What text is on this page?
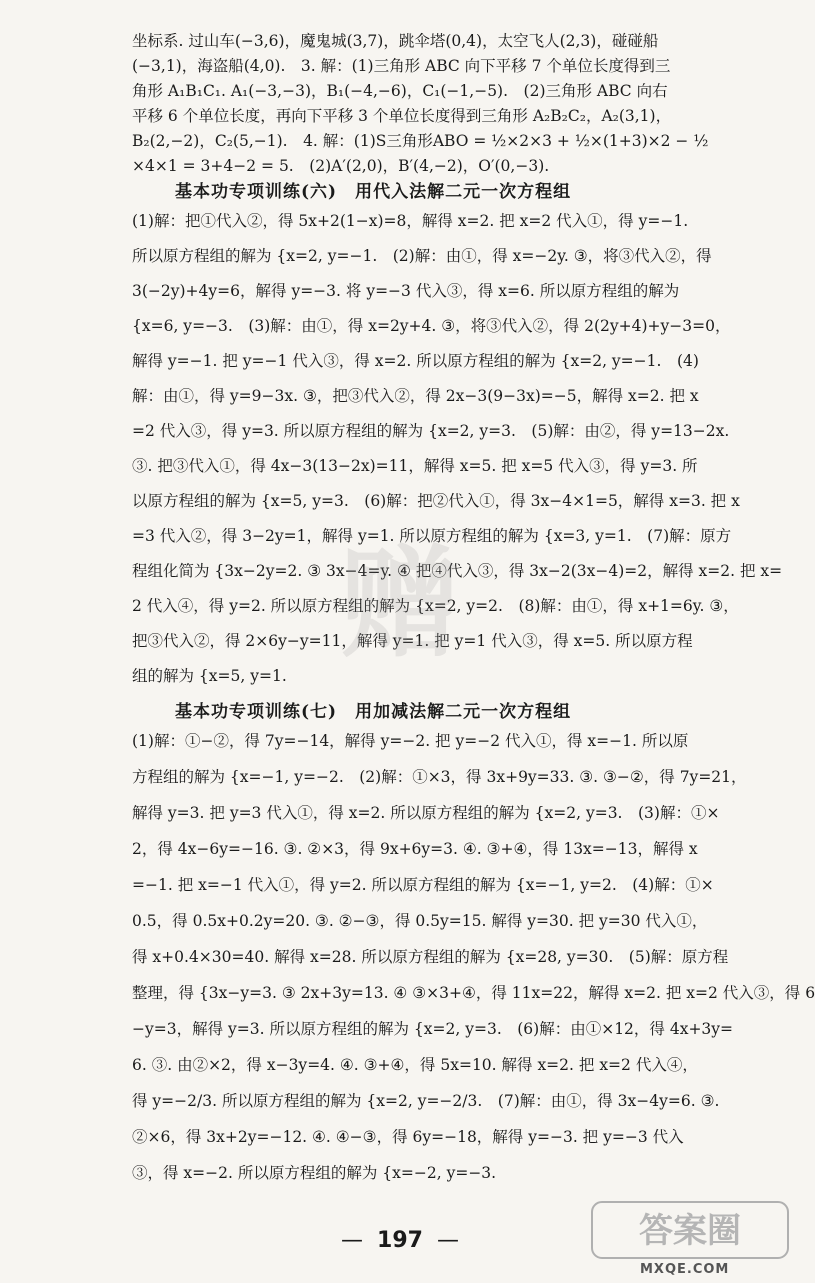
坐标系. 过山车(−3,6)，魔鬼城(3,7)，跳伞塔(0,4)，太空飞人(2,3)，碰碰船
(−3,1)，海盗船(4,0).　3. 解：(1)三角形 ABC 向下平移 7 个单位长度得到三
角形 A₁B₁C₁. A₁(−3,−3)，B₁(−4,−6)，C₁(−1,−5).　(2)三角形 ABC 向右
平移 6 个单位长度，再向下平移 3 个单位长度得到三角形 A₂B₂C₂，A₂(3,1)，
B₂(2,−2)，C₂(5,−1).　4. 解：(1)S三角形ABO = ½×2×3 + ½×(1+3)×2 − ½
×4×1 = 3+4−2 = 5.　(2)A′(2,0)，B′(4,−2)，O′(0,−3).
基本功专项训练(六)　用代入法解二元一次方程组
(1)解：把①代入②，得 5x+2(1−x)=8，解得 x=2. 把 x=2 代入①，得 y=−1.
所以原方程组的解为 {x=2, y=−1.　(2)解：由①，得 x=−2y. ③，将③代入②，得
3(−2y)+4y=6，解得 y=−3. 将 y=−3 代入③，得 x=6. 所以原方程组的解为
{x=6, y=−3.　(3)解：由①，得 x=2y+4. ③，将③代入②，得 2(2y+4)+y−3=0，
解得 y=−1. 把 y=−1 代入③，得 x=2. 所以原方程组的解为 {x=2, y=−1.　(4)
解：由①，得 y=9−3x. ③，把③代入②，得 2x−3(9−3x)=−5，解得 x=2. 把 x
=2 代入③，得 y=3. 所以原方程组的解为 {x=2, y=3.　(5)解：由②，得 y=13−2x.
③. 把③代入①，得 4x−3(13−2x)=11，解得 x=5. 把 x=5 代入③，得 y=3. 所
以原方程组的解为 {x=5, y=3.　(6)解：把②代入①，得 3x−4×1=5，解得 x=3. 把 x
=3 代入②，得 3−2y=1，解得 y=1. 所以原方程组的解为 {x=3, y=1.　(7)解：原方
程组化简为 {3x−2y=2. ③ 3x−4=y. ④ 把④代入③，得 3x−2(3x−4)=2，解得 x=2. 把 x=
2 代入④，得 y=2. 所以原方程组的解为 {x=2, y=2.　(8)解：由①，得 x+1=6y. ③，
把③代入②，得 2×6y−y=11，解得 y=1. 把 y=1 代入③，得 x=5. 所以原方程
组的解为 {x=5, y=1.
基本功专项训练(七)　用加减法解二元一次方程组
(1)解：①−②，得 7y=−14，解得 y=−2. 把 y=−2 代入①，得 x=−1. 所以原
方程组的解为 {x=−1, y=−2.　(2)解：①×3，得 3x+9y=33. ③. ③−②，得 7y=21，
解得 y=3. 把 y=3 代入①，得 x=2. 所以原方程组的解为 {x=2, y=3.　(3)解：①×
2，得 4x−6y=−16. ③. ②×3，得 9x+6y=3. ④. ③+④，得 13x=−13，解得 x
=−1. 把 x=−1 代入①，得 y=2. 所以原方程组的解为 {x=−1, y=2.　(4)解：①×
0.5，得 0.5x+0.2y=20. ③. ②−③，得 0.5y=15. 解得 y=30. 把 y=30 代入①，
得 x+0.4×30=40. 解得 x=28. 所以原方程组的解为 {x=28, y=30.　(5)解：原方程
整理，得 {3x−y=3. ③ 2x+3y=13. ④ ③×3+④，得 11x=22，解得 x=2. 把 x=2 代入③，得 6
−y=3，解得 y=3. 所以原方程组的解为 {x=2, y=3.　(6)解：由①×12，得 4x+3y=
6. ③. 由②×2，得 x−3y=4. ④. ③+④，得 5x=10. 解得 x=2. 把 x=2 代入④，
得 y=−2/3. 所以原方程组的解为 {x=2, y=−2/3.　(7)解：由①，得 3x−4y=6. ③.
②×6，得 3x+2y=−12. ④. ④−③，得 6y=−18，解得 y=−3. 把 y=−3 代入
③，得 x=−2. 所以原方程组的解为 {x=−2, y=−3.
赠
— 197 —	答案圈
MXQE.COM
